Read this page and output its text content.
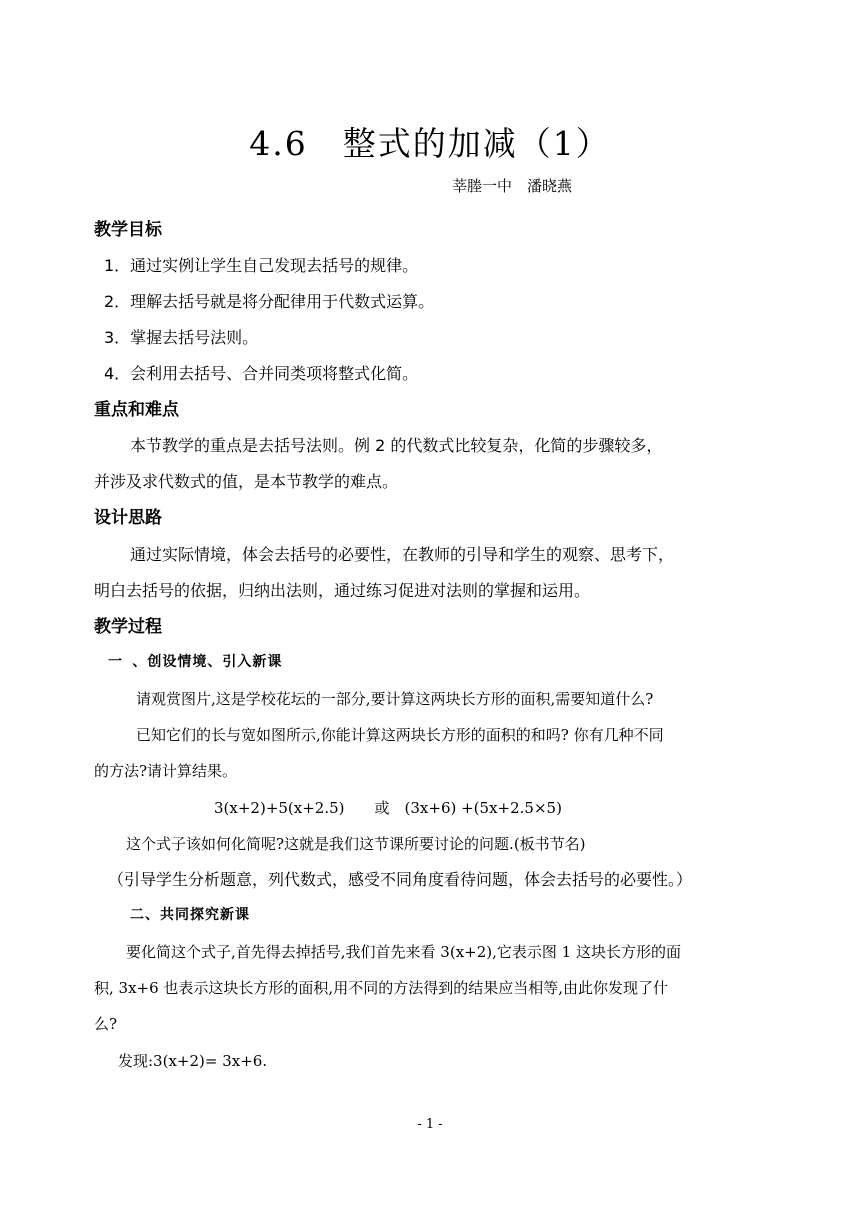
4.6　整式的加减（1）
莘塍一中　潘晓燕
教学目标
1．通过实例让学生自己发现去括号的规律。
2．理解去括号就是将分配律用于代数式运算。
3．掌握去括号法则。
4．会利用去括号、合并同类项将整式化简。
重点和难点
本节教学的重点是去括号法则。例 2 的代数式比较复杂，化简的步骤较多，
并涉及求代数式的值，是本节教学的难点。
设计思路
通过实际情境，体会去括号的必要性，在教师的引导和学生的观察、思考下，
明白去括号的依据，归纳出法则，通过练习促进对法则的掌握和运用。
教学过程
一 、创设情境、引入新课
请观赏图片,这是学校花坛的一部分,要计算这两块长方形的面积,需要知道什么?
已知它们的长与宽如图所示,你能计算这两块长方形的面积的和吗? 你有几种不同
的方法?请计算结果。
3(x+2)+5(x+2.5)　　或　(3x+6) +(5x+2.5×5)
这个式子该如何化简呢?这就是我们这节课所要讨论的问题.(板书节名)
（引导学生分析题意，列代数式，感受不同角度看待问题，体会去括号的必要性。）
二、共同探究新课
要化简这个式子,首先得去掉括号,我们首先来看 3(x+2),它表示图 1 这块长方形的面
积, 3x+6 也表示这块长方形的面积,用不同的方法得到的结果应当相等,由此你发现了什
么?
发现:3(x+2)= 3x+6.
- 1 -
